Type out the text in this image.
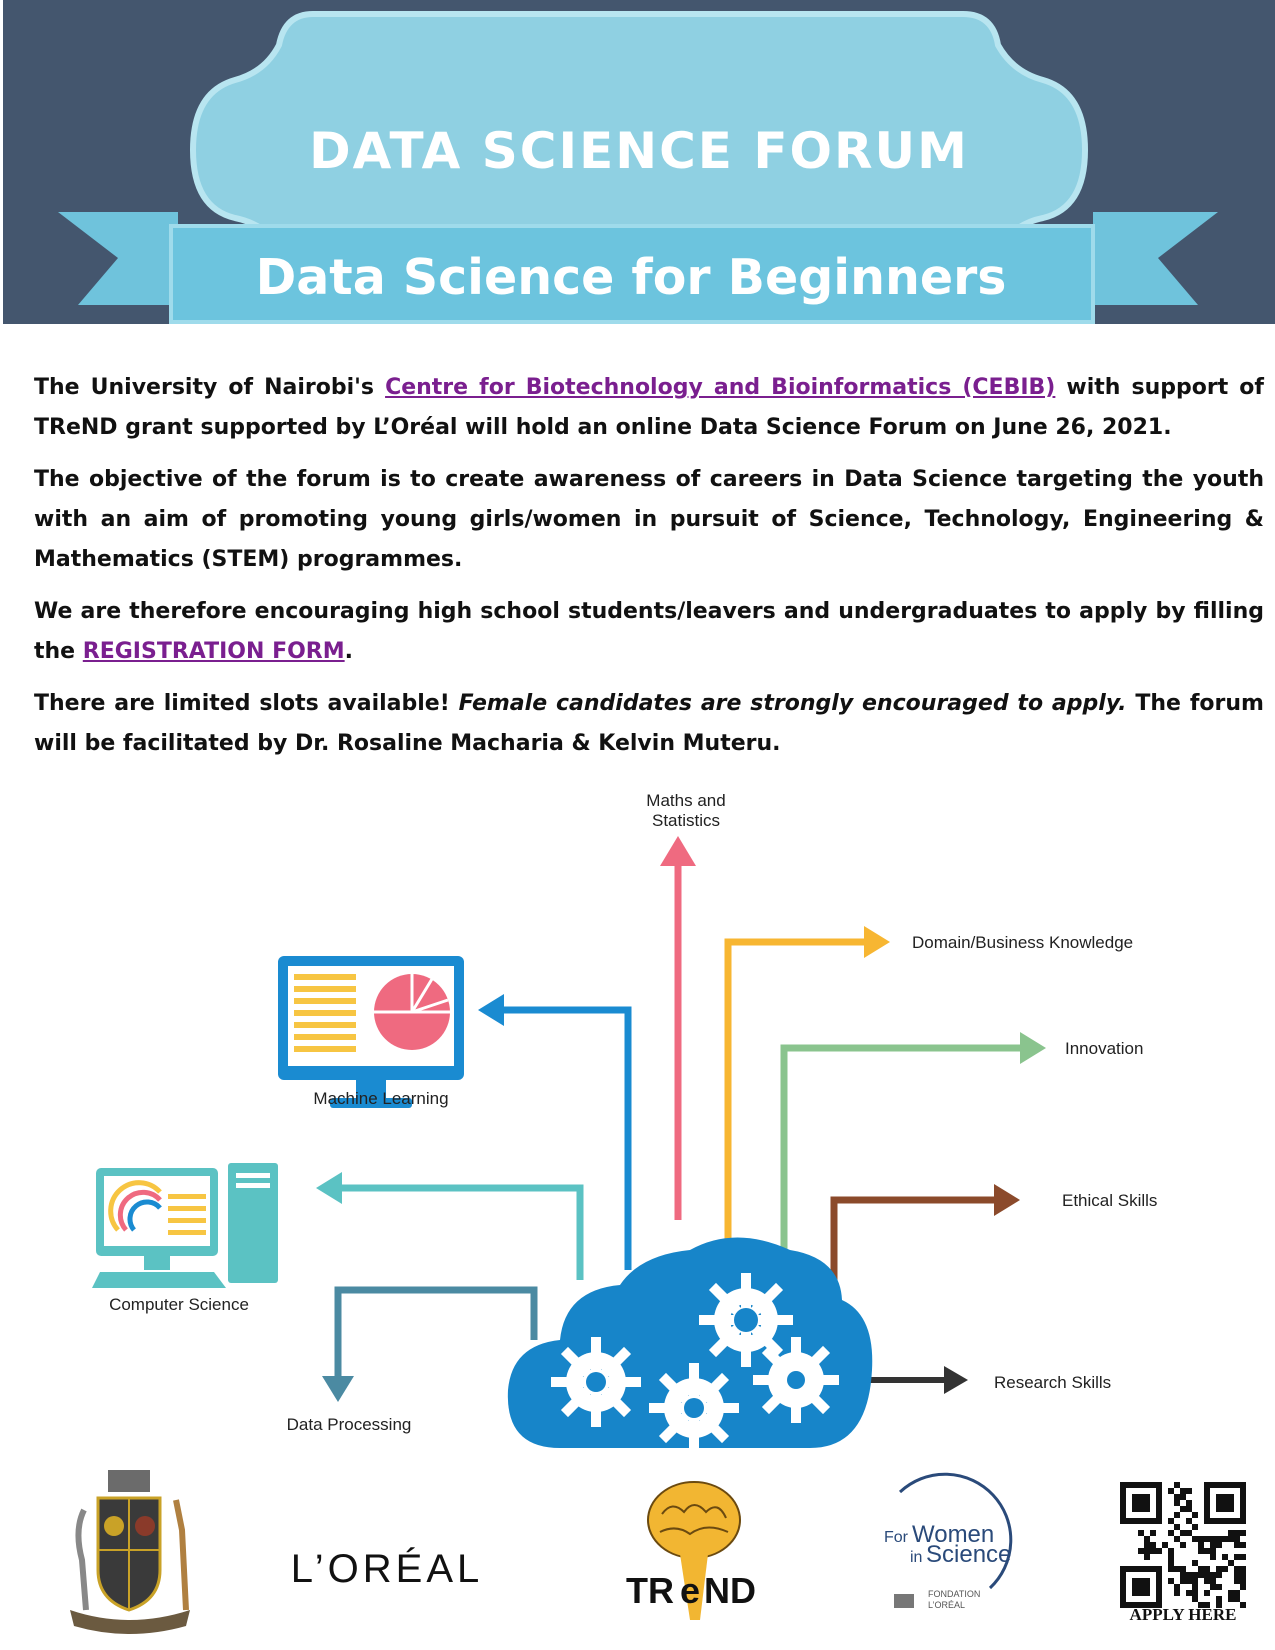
DATA SCIENCE FORUM
Data Science for Beginners

The University of Nairobi's Centre for Biotechnology and Bioinformatics (CEBIB) with support of TReND grant supported by L’Oréal will hold an online Data Science Forum on June 26, 2021.

The objective of the forum is to create awareness of careers in Data Science targeting the youth with an aim of promoting young girls/women in pursuit of Science, Technology, Engineering & Mathematics (STEM) programmes.

We are therefore encouraging high school students/leavers and undergraduates to apply by filling the REGISTRATION FORM.

There are limited slots available! Female candidates are strongly encouraged to apply. The forum will be facilitated by Dr. Rosaline Macharia & Kelvin Muteru.

Maths and
Statistics
Domain/Business Knowledge
Innovation
Ethical Skills
Research Skills
Machine Learning
Computer Science
Data Processing
L’ORÉAL	TR e ND
For Women
in Science
FONDATION
L’ORÉAL	APPLY HERE
